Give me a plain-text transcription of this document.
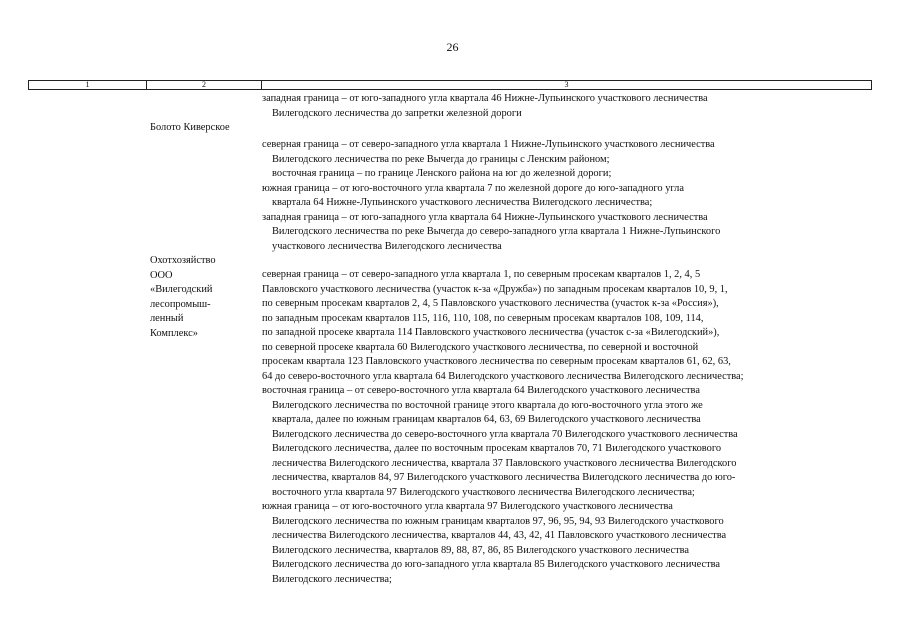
26
1	2	3
западная граница – от юго-западного угла квартала 46 Нижне-Лупьинского участкового лесничества
Вилегодского лесничества до запретки железной дороги
Болото Киверское
северная граница – от северо-западного угла квартала 1 Нижне-Лупьинского участкового лесничества
Вилегодского лесничества по реке Вычегда до границы с Ленским районом;
восточная граница – по границе Ленского района на юг до железной дороги;
южная граница – от юго-восточного угла квартала 7 по железной дороге до юго-западного угла
квартала 64 Нижне-Лупьинского участкового лесничества Вилегодского лесничества;
западная граница – от юго-западного угла квартала 64 Нижне-Лупьинского участкового лесничества
Вилегодского лесничества по реке Вычегда до северо-западного угла квартала 1 Нижне-Лупьинского
участкового лесничества Вилегодского лесничества
Охотхозяйство
ООО
«Вилегодский
лесопромыш-
ленный
Комплекс»
северная граница – от северо-западного угла квартала 1, по северным просекам кварталов 1, 2, 4, 5
Павловского участкового лесничества (участок к-за «Дружба») по западным просекам кварталов 10, 9, 1,
по северным просекам кварталов 2, 4, 5 Павловского участкового лесничества (участок к-за «Россия»),
по западным просекам кварталов 115, 116, 110, 108, по северным просекам кварталов 108, 109, 114,
по западной просеке квартала 114 Павловского участкового лесничества (участок с-за «Вилегодский»),
по северной просеке квартала 60 Вилегодского участкового лесничества, по северной и восточной
просекам квартала 123 Павловского участкового лесничества по северным просекам кварталов 61, 62, 63,
64 до северо-восточного угла квартала 64 Вилегодского участкового лесничества Вилегодского лесничества;
восточная граница – от северо-восточного угла квартала 64 Вилегодского участкового лесничества
Вилегодского лесничества по восточной границе этого квартала до юго-восточного угла этого же
квартала, далее по южным границам кварталов 64, 63, 69 Вилегодского участкового лесничества
Вилегодского лесничества до северо-восточного угла квартала 70 Вилегодского участкового лесничества
Вилегодского лесничества, далее по восточным просекам кварталов 70, 71 Вилегодского участкового
лесничества Вилегодского лесничества, квартала 37 Павловского участкового лесничества Вилегодского
лесничества, кварталов 84, 97 Вилегодского участкового лесничества Вилегодского лесничества до юго-
восточного угла квартала 97 Вилегодского участкового лесничества Вилегодского лесничества;
южная граница – от юго-восточного угла квартала 97 Вилегодского участкового лесничества
Вилегодского лесничества по южным границам кварталов 97, 96, 95, 94, 93 Вилегодского участкового
лесничества Вилегодского лесничества, кварталов 44, 43, 42, 41 Павловского участкового лесничества
Вилегодского лесничества, кварталов 89, 88, 87, 86, 85 Вилегодского участкового лесничества
Вилегодского лесничества до юго-западного угла квартала 85 Вилегодского участкового лесничества
Вилегодского лесничества;
